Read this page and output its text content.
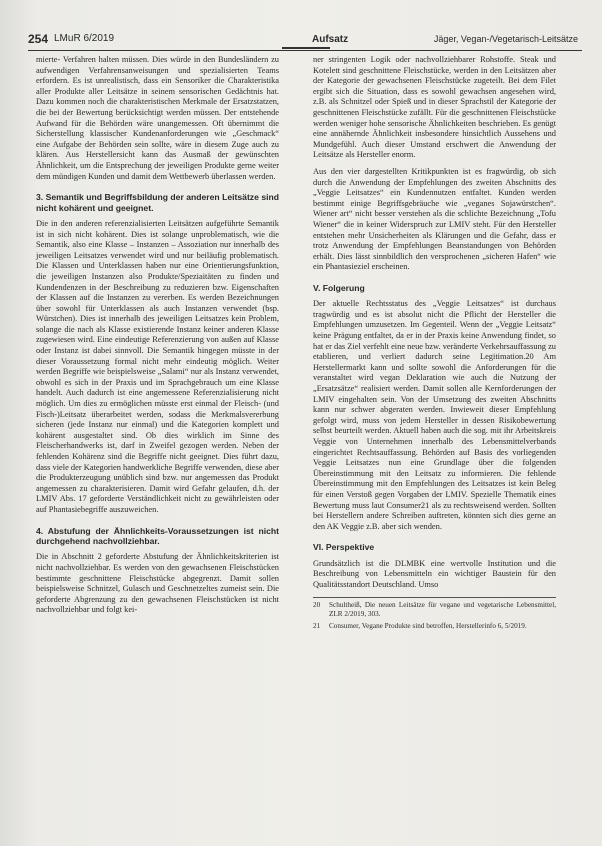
254 LMuR 6/2019	Aufsatz	Jäger, Vegan-/Vegetarisch-Leitsätze

mierte- Verfahren halten müssen. Dies würde in den Bundesländern zu aufwendigen Verfahrensanweisungen und spezialisierten Teams erfordern. Es ist unrealistisch, dass ein Sensoriker die Charakteristika aller Produkte aller Leitsätze in seinem sensorischen Gedächtnis hat. Dazu kommen noch die charakteristischen Merkmale der Ersatzstatzen, die bei der Bewertung berücksichtigt werden müssen. Der entstehende Aufwand für die Behörden wäre unangemessen. Oft übernimmt die Sicherstellung klassischer Kundenanforderungen wie „Geschmack“ eine Aufgabe der Behörden sein sollte, wäre in diesem Zuge auch zu klären. Aus Herstellersicht kann das Ausmaß der gewünschten Ähnlichkeit, um die Entsprechung der jeweiligen Produkte gerne weiter dem mündigen Kunden und damit dem Wettbewerb überlassen werden.

3. Semantik und Begriffsbildung der anderen Leitsätze sind nicht kohärent und geeignet.

Die in den anderen referenzialisierten Leitsätzen aufgeführte Semantik ist in sich nicht kohärent. Dies ist solange unproblematisch, wie die Semantik, also eine Klasse – Instanzen – Assoziation nur innerhalb des jeweiligen Leitsatzes verwendet wird und nur beiläufig problematisch. Die Klassen und Unterklassen haben nur eine Orientierungsfunktion, die jeweiligen Instanzen also Produkte/Speziaitäten zu finden und Kundendenzen in der Beschreibung zu reduzieren bzw. Eigenschaften der Klassen auf die Instanzen zu vererben. Es werden Bezeichnungen über sowohl für Unterklassen als auch Instanzen verwendet (bsp. Würstchen). Dies ist innerhalb des jeweiligen Leitsatzes kein Problem, solange die nach als Klasse existierende Instanz keiner anderen Klasse zugewiesen wird. Eine eindeutige Referenzierung von außen auf Klasse oder Instanz ist dabei sinnvoll. Die Semantik hingegen müsste in der dieser Voraussetzung formal nicht mehr eindeutig möglich. Weiter werden Begriffe wie beispielsweise „Salami“ nur als Instanz verwendet, obwohl es sich in der Praxis und im Sprachgebrauch um eine Klasse handelt. Auch dadurch ist eine angemessene Referenzialisierung nicht möglich. Um dies zu ermöglichen müsste erst einmal der Fleisch- (und Fisch-)Leitsatz überarbeitet werden, sodass die Merkmalsvererbung sicheren (jede Instanz nur einmal) und die Kategorien komplett und kohärent ausgestaltet sind. Ob dies wirklich im Sinne des Fleischerhandwerks ist, darf in Zweifel gezogen werden. Neben der fehlenden Kohärenz sind die Begriffe nicht geeignet. Dies führt dazu, dass viele der Kategorien handwerkliche Begriffe verwenden, diese aber die Produkterzeugung unüblich sind bzw. nur angemessen das Produkt angemessen zu charakterisieren. Damit wird Gefahr gelaufen, d.h. der LMIV Abs. 17 geforderte Verständlichkeit nicht zu gewährleisten oder auf Phantasiebegriffe auszuweichen.

4. Abstufung der Ähnlichkeits-Voraussetzungen ist nicht durchgehend nachvollziehbar.

Die in Abschnitt 2 geforderte Abstufung der Ähnlichkeitskriterien ist nicht nachvollziehbar. Es werden von den gewachsenen Fleischstücken bestimmte geschnittene Fleischstücke abgegrenzt. Damit sollen beispielsweise Schnitzel, Gulasch und Geschnetzeltes zumeist sein. Die geforderte Abgrenzung zu den gewachsenen Fleischstücken ist nicht nachvollziehbar und folgt kei-

ner stringenten Logik oder nachvollziehbarer Rohstoffe. Steak und Kotelett sind geschnittene Fleischstücke, werden in den Leitsätzen aber der Kategorie der gewachsenen Fleischstücke zugeteilt. Bei dem Filet ergibt sich die Situation, dass es sowohl gewachsen angesehen wird, z.B. als Schnitzel oder Spieß und in dieser Sprachstil der Kategorie der geschnittenen Fleischstücke zufällt. Für die geschnittenen Fleischstücke werden weniger hohe sensorische Ähnlichkeiten beschrieben. Es genügt eine annähernde Ähnlichkeit insbesondere hinsichtlich Aussehens und Mundgefühl. Auch dieser Umstand erschwert die Anwendung der Leitsätze als Hersteller enorm.

Aus den vier dargestellten Kritikpunkten ist es fragwürdig, ob sich durch die Anwendung der Empfehlungen des zweiten Abschnitts des „Veggie Leitsatzes“ ein Kundennutzen entfaltet. Kunden werden bestimmt einige Begriffsgebräuche wie „veganes Sojawürstchen“. Wiener art“ nicht besser verstehen als die schlichte Bezeichnung „Tofu Wiener“ die in keiner Widerspruch zur LMIV steht. Für den Hersteller entstehen mehr Unsicherheiten als Klärungen und die Gefahr, dass er trotz Anwendung der Empfehlungen Beanstandungen von Behörden erhält. Dies lässt sinnbildlich den versprochenen „sicheren Hafen“ wie ein Phantasieziel erscheinen.

V. Folgerung

Der aktuelle Rechtsstatus des „Veggie Leitsatzes“ ist durchaus tragwürdig und es ist absolut nicht die Pflicht der Hersteller die Empfehlungen umzusetzen. Im Gegenteil. Wenn der „Veggie Leitsatz“ keine Prägung entfaltet, da er in der Praxis keine Anwendung findet, so hat er das Ziel verfehlt eine neue bzw. veränderte Verkehrsauffassung zu etablieren, und verliert dadurch seine Legitimation.20 Am Herstellermarkt kann und sollte sowohl die Anforderungen für die veranstaltet wird vegan Deklaration wie auch die Nutzung der „Ersatzsätze“ realisiert werden. Damit sollen alle Kernforderungen der LMIV eingehalten sein. Von der Umsetzung des zweiten Abschnitts kann nur schwer abgeraten werden. Inwieweit dieser Empfehlung gefolgt wird, muss von jedem Hersteller in dessen Risikobewertung selbst beurteilt werden. Aktuell haben auch die sog. mit ihr Arbeitskreis Veggie von Unternehmen innerhalb des Lebensmittelverbands eingerichtet Rechtsauffassung. Behörden auf Basis des vorliegenden Veggie Leitsatzes nun eine Grundlage über die folgenden Übereinstimmung mit den Leitsatz zu informieren. Die fehlende Übereinstimmung mit den Empfehlungen des Leitsatzes ist kein Beleg für einen Verstoß gegen Vorgaben der LMIV. Spezielle Thematik eines Bewertung muss laut Consumer21 als zu rechtsweisend werden. Sollten bei Herstellern andere Schreiben auftreten, könnten sich dies gerne an den AK Veggie z.B. aber sich wenden.

VI. Perspektive

Grundsätzlich ist die DLMBK eine wertvolle Institution und die Beschreibung von Lebensmitteln ein wichtiger Baustein für den Qualitätsstandort Deutschland. Umso

20	Schultheiß, Die neuen Leitsätze für vegane und vegetarische Lebensmittel, ZLR 2/2019, 303.
21	Consumer, Vegane Produkte sind betroffen, Herstellerinfo 6, 5/2019.
